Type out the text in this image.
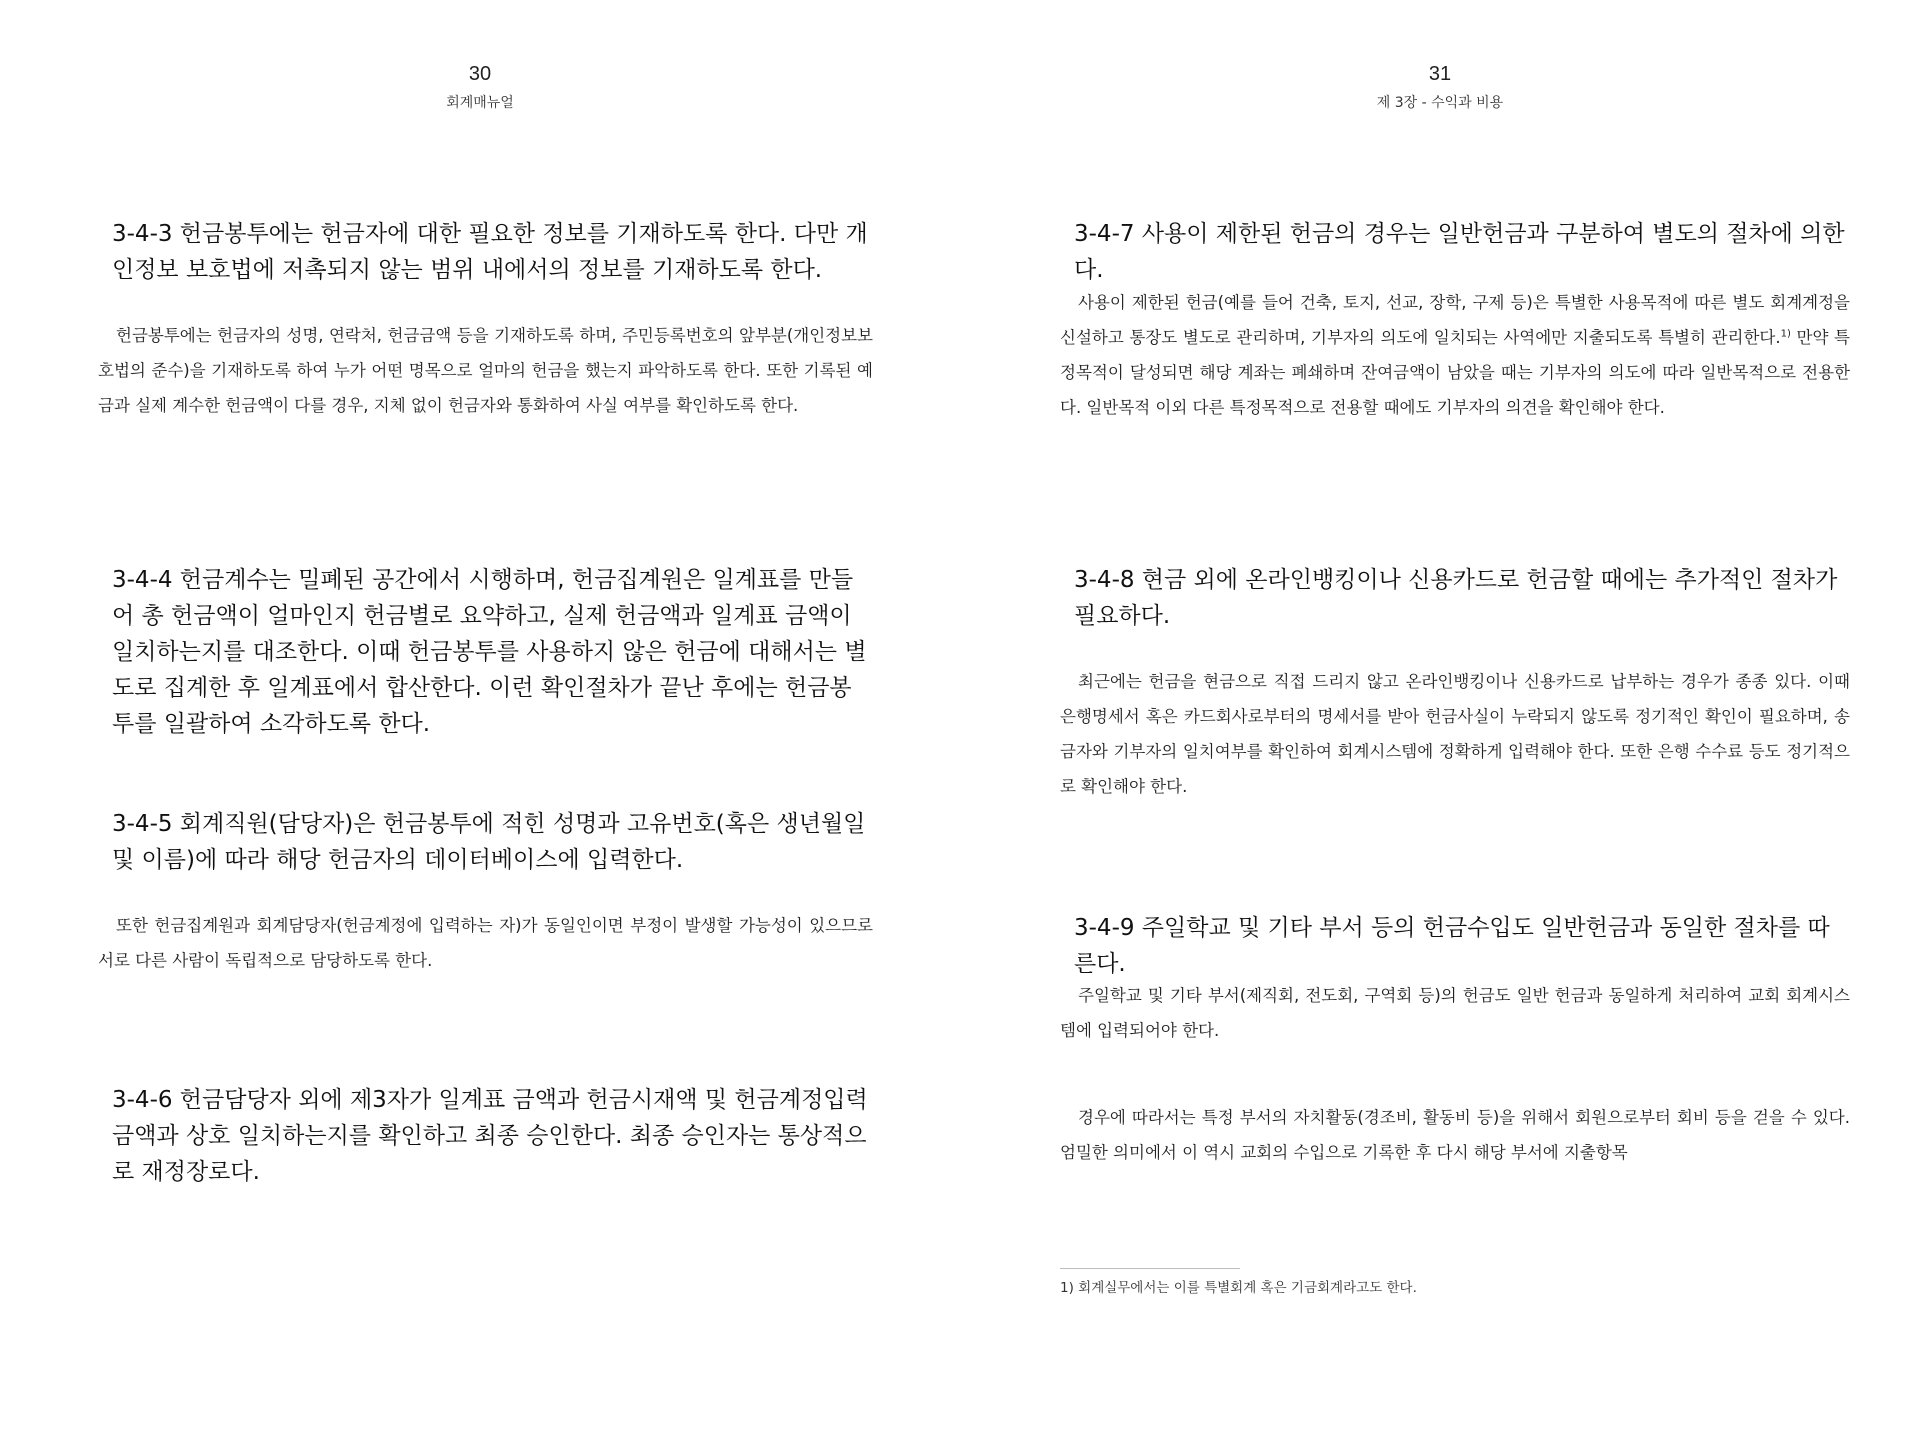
30
회계매뉴얼

3-4-3 헌금봉투에는 헌금자에 대한 필요한 정보를 기재하도록 한다. 다만 개인정보 보호법에 저촉되지 않는 범위 내에서의 정보를 기재하도록 한다.

헌금봉투에는 헌금자의 성명, 연락처, 헌금금액 등을 기재하도록 하며, 주민등록번호의 앞부분(개인정보보호법의 준수)을 기재하도록 하여 누가 어떤 명목으로 얼마의 헌금을 했는지 파악하도록 한다. 또한 기록된 예금과 실제 계수한 헌금액이 다를 경우, 지체 없이 헌금자와 통화하여 사실 여부를 확인하도록 한다.

3-4-4 헌금계수는 밀폐된 공간에서 시행하며, 헌금집계원은 일계표를 만들어 총 헌금액이 얼마인지 헌금별로 요약하고, 실제 헌금액과 일계표 금액이 일치하는지를 대조한다. 이때 헌금봉투를 사용하지 않은 헌금에 대해서는 별도로 집계한 후 일계표에서 합산한다. 이런 확인절차가 끝난 후에는 헌금봉투를 일괄하여 소각하도록 한다.

3-4-5 회계직원(담당자)은 헌금봉투에 적힌 성명과 고유번호(혹은 생년월일 및 이름)에 따라 해당 헌금자의 데이터베이스에 입력한다.

또한 헌금집계원과 회계담당자(헌금계정에 입력하는 자)가 동일인이면 부정이 발생할 가능성이 있으므로 서로 다른 사람이 독립적으로 담당하도록 한다.

3-4-6 헌금담당자 외에 제3자가 일계표 금액과 헌금시재액 및 헌금계정입력금액과 상호 일치하는지를 확인하고 최종 승인한다. 최종 승인자는 통상적으로 재정장로다.

31
제 3장 - 수익과 비용

3-4-7 사용이 제한된 헌금의 경우는 일반헌금과 구분하여 별도의 절차에 의한다.

사용이 제한된 헌금(예를 들어 건축, 토지, 선교, 장학, 구제 등)은 특별한 사용목적에 따른 별도 회계계정을 신설하고 통장도 별도로 관리하며, 기부자의 의도에 일치되는 사역에만 지출되도록 특별히 관리한다.$^{1)}$ 만약 특정목적이 달성되면 해당 계좌는 폐쇄하며 잔여금액이 남았을 때는 기부자의 의도에 따라 일반목적으로 전용한다. 일반목적 이외 다른 특정목적으로 전용할 때에도 기부자의 의견을 확인해야 한다.

3-4-8 현금 외에 온라인뱅킹이나 신용카드로 헌금할 때에는 추가적인 절차가 필요하다.

최근에는 헌금을 현금으로 직접 드리지 않고 온라인뱅킹이나 신용카드로 납부하는 경우가 종종 있다. 이때 은행명세서 혹은 카드회사로부터의 명세서를 받아 헌금사실이 누락되지 않도록 정기적인 확인이 필요하며, 송금자와 기부자의 일치여부를 확인하여 회계시스템에 정확하게 입력해야 한다. 또한 은행 수수료 등도 정기적으로 확인해야 한다.

3-4-9 주일학교 및 기타 부서 등의 헌금수입도 일반헌금과 동일한 절차를 따른다.

주일학교 및 기타 부서(제직회, 전도회, 구역회 등)의 헌금도 일반 헌금과 동일하게 처리하여 교회 회계시스템에 입력되어야 한다.

경우에 따라서는 특정 부서의 자치활동(경조비, 활동비 등)을 위해서 회원으로부터 회비 등을 걷을 수 있다. 엄밀한 의미에서 이 역시 교회의 수입으로 기록한 후 다시 해당 부서에 지출항목

1) 회계실무에서는 이를 특별회계 혹은 기금회계라고도 한다.
